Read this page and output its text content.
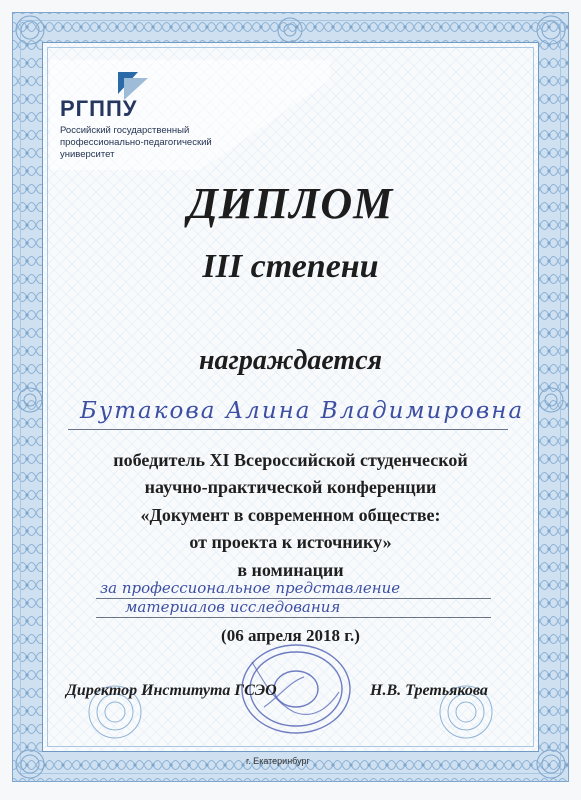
РГППУ
Российский государственный
профессионально-педагогический
университет
ДИПЛОМ
III степени
награждается
Бутакова Алина Владимировна
победитель XI Всероссийской студенческой
научно-практической конференции
«Документ в современном обществе:
от проекта к источнику»
в номинации
за профессиональное представление
материалов исследования
(06 апреля 2018 г.)
Директор Института ГСЭО	Н.В. Третьякова
г. Екатеринбург
